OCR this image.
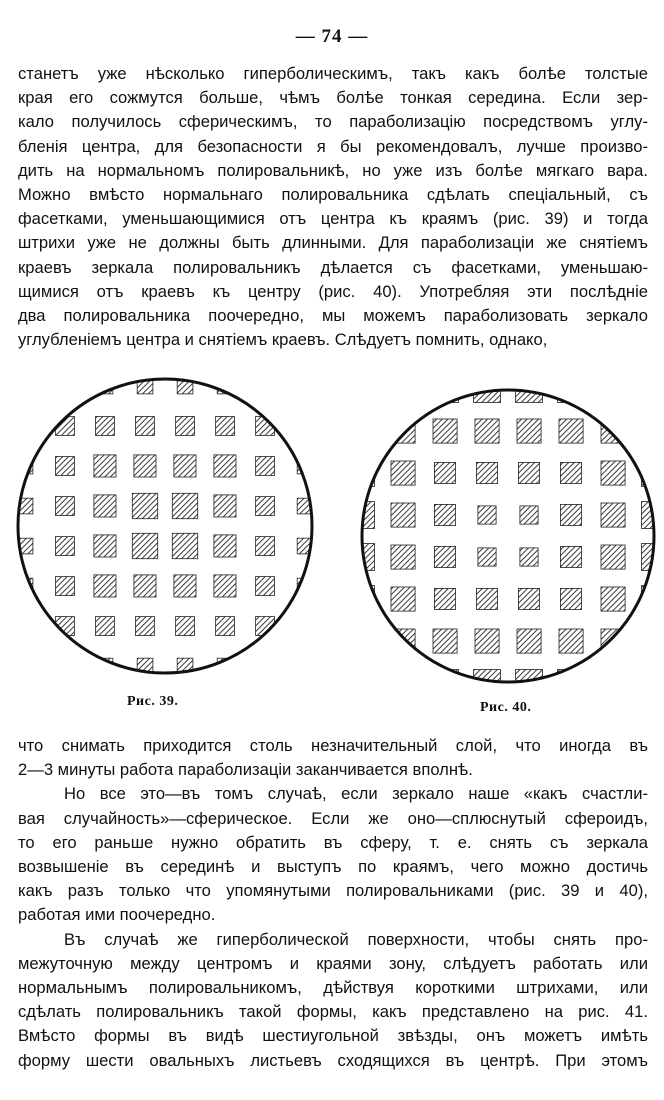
— 74 —
станетъ уже нѣсколько гиперболическимъ, такъ какъ болѣе толстые
края его сожмутся больше, чѣмъ болѣе тонкая середина. Если зер-
кало получилось сферическимъ, то параболизацію посредствомъ углу-
бленія центра, для безопасности я бы рекомендовалъ, лучше произво-
дить на нормальномъ полировальникѣ, но уже изъ болѣе мягкаго вара.
Можно вмѣсто нормальнаго полировальника сдѣлать спеціальный, съ
фасетками, уменьшающимися отъ центра къ краямъ (рис. 39) и тогда
штрихи уже не должны быть длинными. Для параболизаціи же снятіемъ
краевъ зеркала полировальникъ дѣлается съ фасетками, уменьшаю-
щимися отъ краевъ къ центру (рис. 40). Употребляя эти послѣдніе
два полировальника поочередно, мы можемъ параболизовать зеркало
углубленіемъ центра и снятіемъ краевъ. Слѣдуетъ помнить, однако,
Рис. 39.	Рис. 40.
что снимать приходится столь незначительный слой, что иногда въ
2—3 минуты работа параболизаціи заканчивается вполнѣ.
Но все это—въ томъ случаѣ, если зеркало наше «какъ счастли-
вая случайность»—сферическое. Если же оно—сплюснутый сфероидъ,
то его раньше нужно обратить въ сферу, т. е. снять съ зеркала
возвышеніе въ серединѣ и выступъ по краямъ, чего можно достичь
какъ разъ только что упомянутыми полировальниками (рис. 39 и 40),
работая ими поочередно.
Въ случаѣ же гиперболической поверхности, чтобы снять про-
межуточную между центромъ и краями зону, слѣдуетъ работать или
нормальнымъ полировальникомъ, дѣйствуя короткими штрихами, или
сдѣлать полировальникъ такой формы, какъ представлено на рис. 41.
Вмѣсто формы въ видѣ шестиугольной звѣзды, онъ можетъ имѣть
форму шести овальныхъ листьевъ сходящихся въ центрѣ. При этомъ
